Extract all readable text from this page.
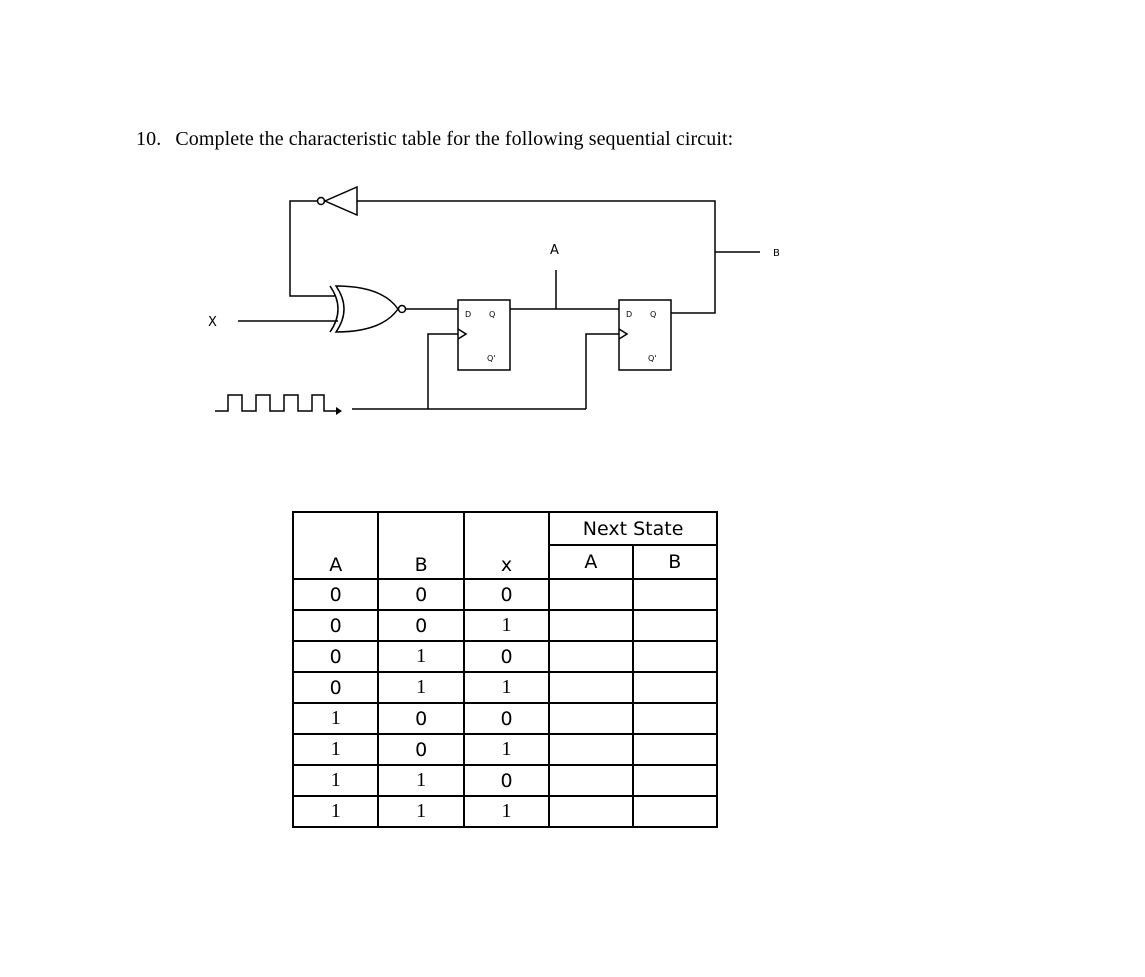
10. Complete the characteristic table for the following sequential circuit:
X
A	B
D Q
Q'
D Q
Q'
			Next State	
A	B	x	A	B
0	0	0		
0	0	1		
0	1	0		
0	1	1		
1	0	0		
1	0	1		
1	1	0		
1	1	1		
